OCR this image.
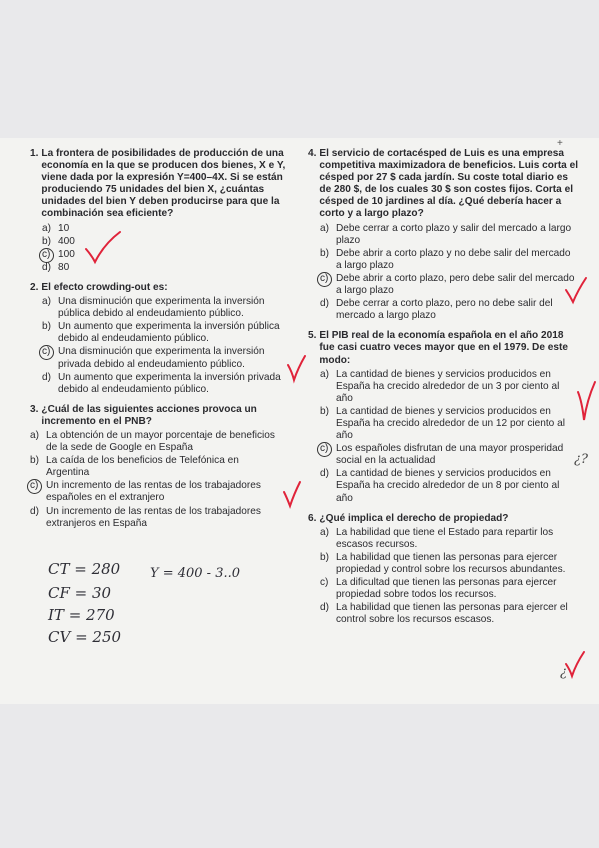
1. La frontera de posibilidades de producción de una economía en la que se producen dos bienes, X e Y, viene dada por la expresión Y=400–4X. Si se están produciendo 75 unidades del bien X, ¿cuántas unidades del bien Y deben producirse para que la combinación sea eficiente?
a) 10
b) 400
c) 100
d) 80
2. El efecto crowding-out es:
a) Una disminución que experimenta la inversión pública debido al endeudamiento público.
b) Un aumento que experimenta la inversión pública debido al endeudamiento público.
c) Una disminución que experimenta la inversión privada debido al endeudamiento público.
d) Un aumento que experimenta la inversión privada debido al endeudamiento público.
3. ¿Cuál de las siguientes acciones provoca un incremento en el PNB?
a) La obtención de un mayor porcentaje de beneficios de la sede de Google en España
b) La caída de los beneficios de Telefónica en Argentina
c) Un incremento de las rentas de los trabajadores españoles en el extranjero
d) Un incremento de las rentas de los trabajadores extranjeros en España
4. El servicio de cortacésped de Luis es una empresa competitiva maximizadora de beneficios. Luis corta el césped por 27 $ cada jardín. Su coste total diario es de 280 $, de los cuales 30 $ son costes fijos. Corta el césped de 10 jardines al día. ¿Qué debería hacer a corto y a largo plazo?
a) Debe cerrar a corto plazo y salir del mercado a largo plazo
b) Debe abrir a corto plazo y no debe salir del mercado a largo plazo
c) Debe abrir a corto plazo, pero debe salir del mercado a largo plazo
d) Debe cerrar a corto plazo, pero no debe salir del mercado a largo plazo
5. El PIB real de la economía española en el año 2018 fue casi cuatro veces mayor que en el 1979. De este modo:
a) La cantidad de bienes y servicios producidos en España ha crecido alrededor de un 3 por ciento al año
b) La cantidad de bienes y servicios producidos en España ha crecido alrededor de un 12 por ciento al año
c) Los españoles disfrutan de una mayor prosperidad social en la actualidad
d) La cantidad de bienes y servicios producidos en España ha crecido alrededor de un 8 por ciento al año
6. ¿Qué implica el derecho de propiedad?
a) La habilidad que tiene el Estado para repartir los escasos recursos.
b) La habilidad que tienen las personas para ejercer propiedad y control sobre los recursos abundantes.
c) La dificultad que tienen las personas para ejercer propiedad sobre todos los recursos.
d) La habilidad que tienen las personas para ejercer el control sobre los recursos escasos.
CT = 280
CF = 30
IT = 270
CV = 250
Y = 400 - 3..0
¿?
¿
+
